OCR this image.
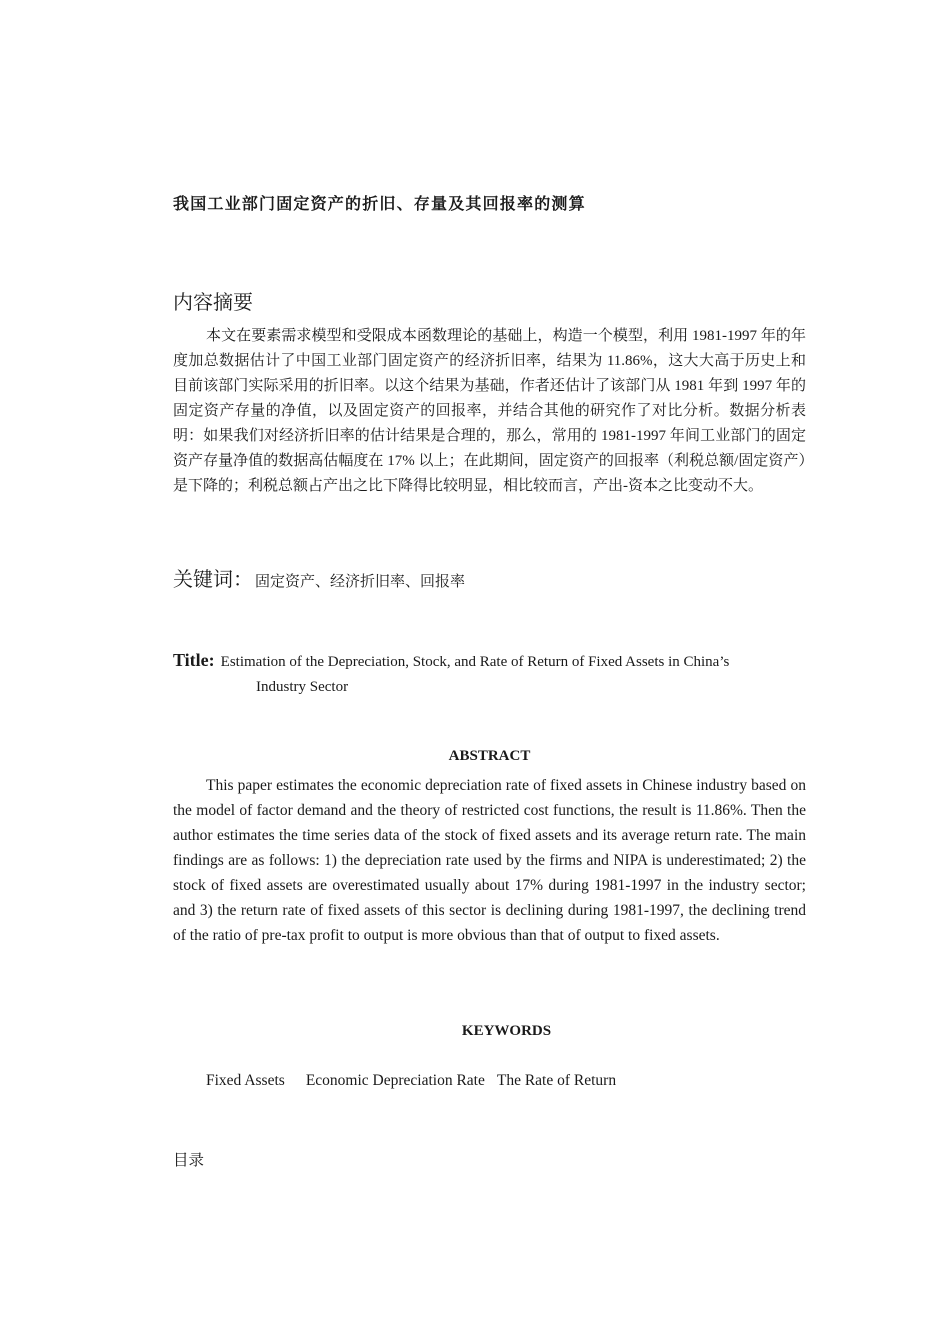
我国工业部门固定资产的折旧、存量及其回报率的测算
内容摘要

本文在要素需求模型和受限成本函数理论的基础上，构造一个模型，利用 1981-1997 年的年度加总数据估计了中国工业部门固定资产的经济折旧率，结果为 11.86%，这大大高于历史上和目前该部门实际采用的折旧率。以这个结果为基础，作者还估计了该部门从 1981 年到 1997 年的固定资产存量的净值，以及固定资产的回报率，并结合其他的研究作了对比分析。数据分析表明：如果我们对经济折旧率的估计结果是合理的，那么，常用的 1981-1997 年间工业部门的固定资产存量净值的数据高估幅度在 17% 以上；在此期间，固定资产的回报率（利税总额/固定资产）是下降的；利税总额占产出之比下降得比较明显，相比较而言，产出-资本之比变动不大。

关键词： 固定资产、经济折旧率、回报率
Title: Estimation of the Depreciation, Stock, and Rate of Return of Fixed Assets in China’s
Industry Sector
ABSTRACT

This paper estimates the economic depreciation rate of fixed assets in Chinese industry based on the model of factor demand and the theory of restricted cost functions, the result is 11.86%. Then the author estimates the time series data of the stock of fixed assets and its average return rate. The main findings are as follows: 1) the depreciation rate used by the firms and NIPA is underestimated; 2) the stock of fixed assets are overestimated usually about 17% during 1981-1997 in the industry sector; and 3) the return rate of fixed assets of this sector is declining during 1981-1997, the declining trend of the ratio of pre-tax profit to output is more obvious than that of output to fixed assets.

KEYWORDS
Fixed Assets Economic Depreciation Rate The Rate of Return
目录
